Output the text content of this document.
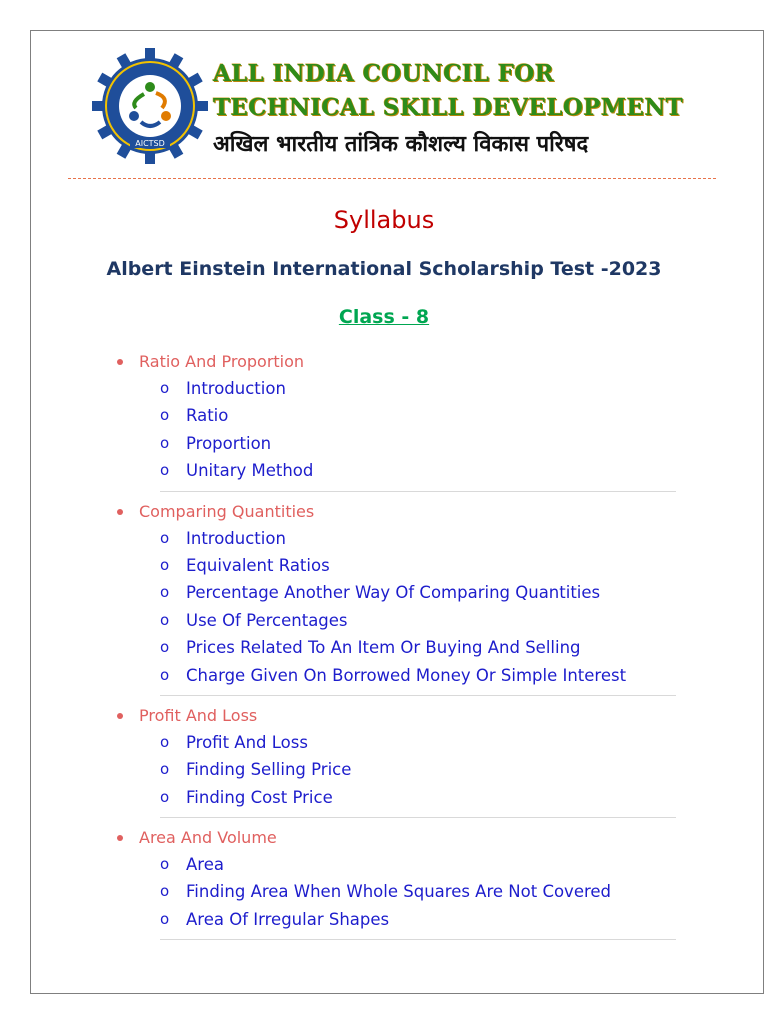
AICTSD
ALL INDIA COUNCIL FOR
TECHNICAL SKILL DEVELOPMENT
अखिल भारतीय तांत्रिक कौशल्य विकास परिषद
Syllabus
Albert Einstein International Scholarship Test -2023
Class - 8
Ratio And Proportion
o Introduction
o Ratio
o Proportion
o Unitary Method
Comparing Quantities
o Introduction
o Equivalent Ratios
o Percentage Another Way Of Comparing Quantities
o Use Of Percentages
o Prices Related To An Item Or Buying And Selling
o Charge Given On Borrowed Money Or Simple Interest
Profit And Loss
o Profit And Loss
o Finding Selling Price
o Finding Cost Price
Area And Volume
o Area
o Finding Area When Whole Squares Are Not Covered
o Area Of Irregular Shapes
